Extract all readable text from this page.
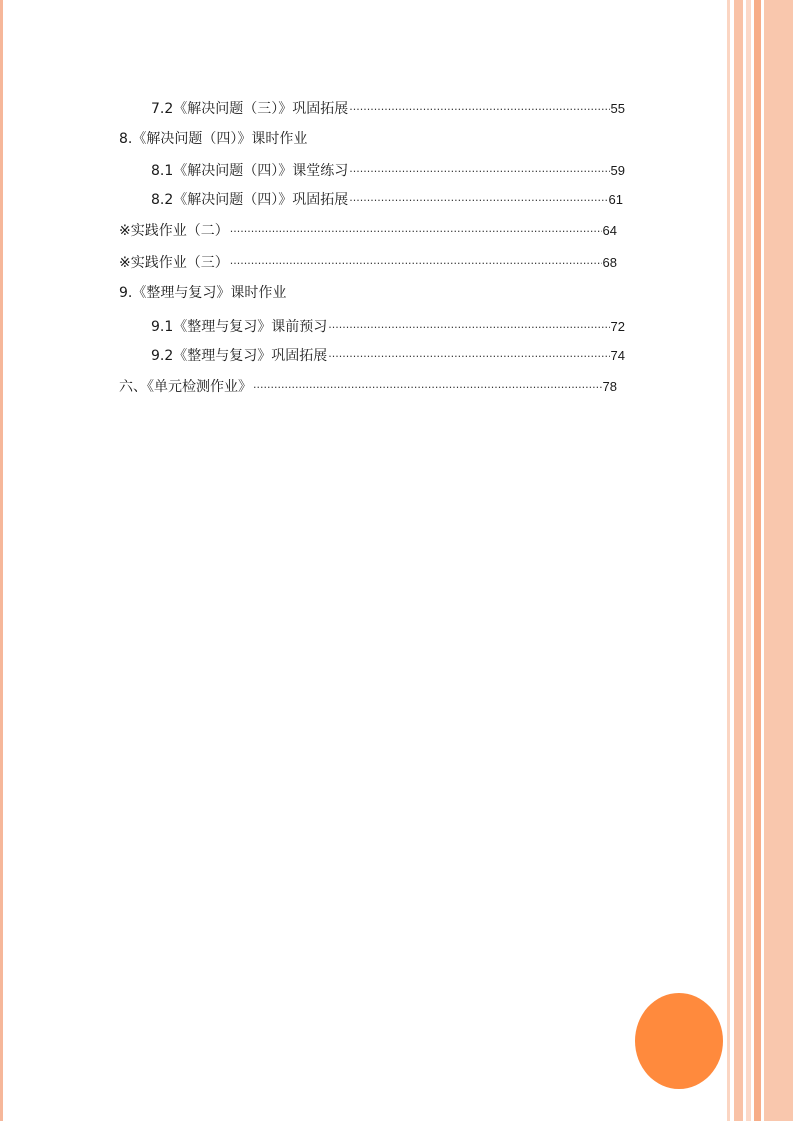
7.2《解决问题（三）》巩固拓展 ·····	55
8.《解决问题（四）》课时作业
8.1《解决问题（四）》课堂练习 ·····	59
8.2《解决问题（四）》巩固拓展 ·····	61
※实践作业（二） ·····	64
※实践作业（三） ·····	68
9.《整理与复习》课时作业
9.1《整理与复习》课前预习 ·····	72
9.2《整理与复习》巩固拓展 ·····	74
六、《单元检测作业》 ·····	78
